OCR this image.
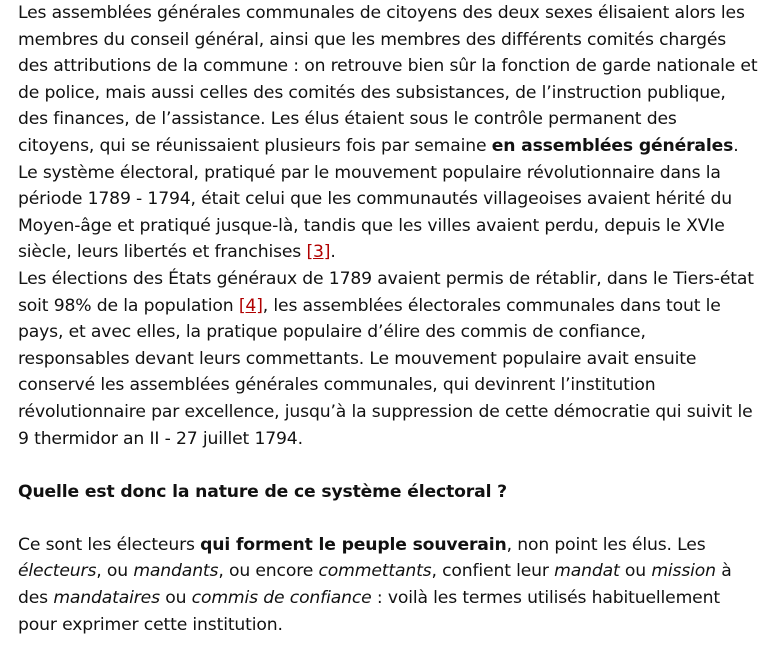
Les assemblées générales communales de citoyens des deux sexes élisaient alors les membres du conseil général, ainsi que les membres des différents comités chargés des attributions de la commune : on retrouve bien sûr la fonction de garde nationale et de police, mais aussi celles des comités des subsistances, de l’instruction publique, des finances, de l’assistance. Les élus étaient sous le contrôle permanent des citoyens, qui se réunissaient plusieurs fois par semaine en assemblées générales. Le système électoral, pratiqué par le mouvement populaire révolutionnaire dans la période 1789 - 1794, était celui que les communautés villageoises avaient hérité du Moyen-âge et pratiqué jusque-là, tandis que les villes avaient perdu, depuis le XVIe siècle, leurs libertés et franchises [3].

Les élections des États généraux de 1789 avaient permis de rétablir, dans le Tiers-état soit 98% de la population [4], les assemblées électorales communales dans tout le pays, et avec elles, la pratique populaire d’élire des commis de confiance, responsables devant leurs commettants. Le mouvement populaire avait ensuite conservé les assemblées générales communales, qui devinrent l’institution révolutionnaire par excellence, jusqu’à la suppression de cette démocratie qui suivit le 9 thermidor an II - 27 juillet 1794.

Quelle est donc la nature de ce système électoral ?

Ce sont les électeurs qui forment le peuple souverain, non point les élus. Les électeurs, ou mandants, ou encore commettants, confient leur mandat ou mission à des mandataires ou commis de confiance : voilà les termes utilisés habituellement pour exprimer cette institution.
